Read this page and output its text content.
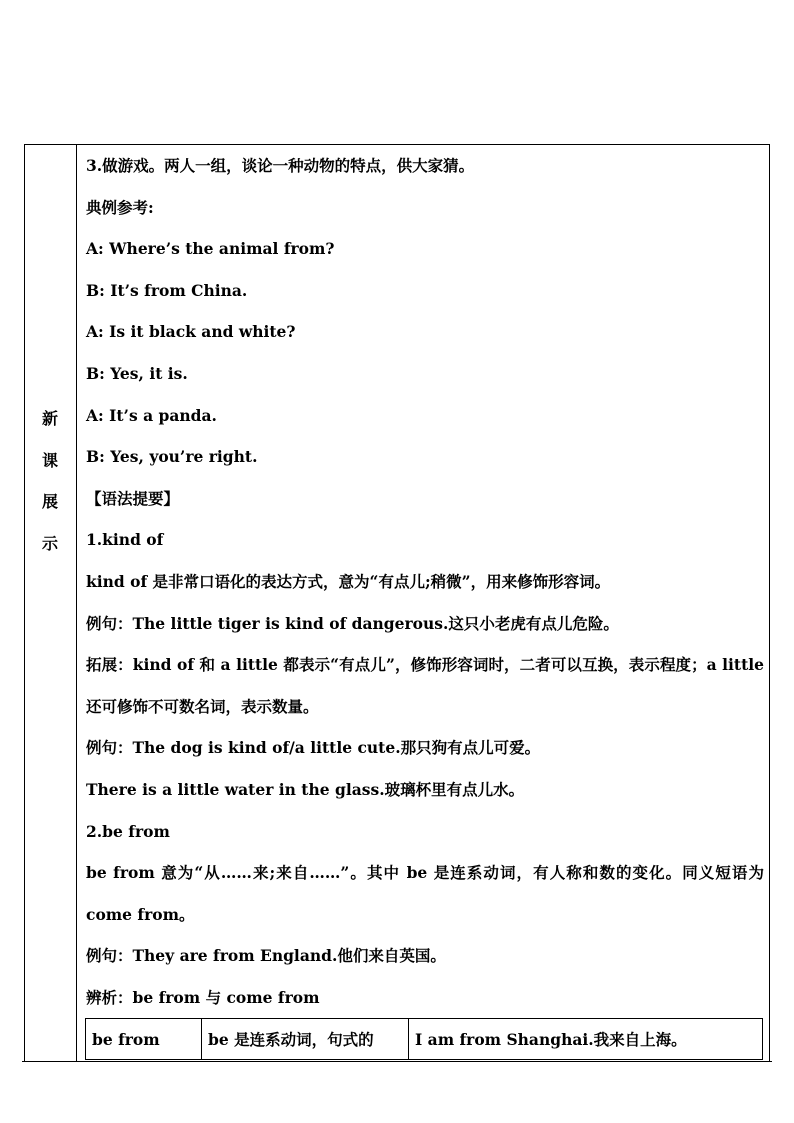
新
课
展
示
3.做游戏。两人一组，谈论一种动物的特点，供大家猜。
典例参考:
A: Where’s the animal from?
B: It’s from China.
A: Is it black and white?
B: Yes, it is.
A: It’s a panda.
B: Yes, you’re right.
【语法提要】
1.kind of
kind of 是非常口语化的表达方式，意为“有点儿;稍微”，用来修饰形容词。
例句：The little tiger is kind of dangerous.这只小老虎有点儿危险。
拓展：kind of 和 a little 都表示“有点儿”，修饰形容词时，二者可以互换，表示程度；a little 还可修饰不可数名词，表示数量。
例句：The dog is kind of/a little cute.那只狗有点儿可爱。
There is a little water in the glass.玻璃杯里有点儿水。
2.be from
be from 意为“从……来;来自……”。其中 be 是连系动词，有人称和数的变化。同义短语为 come from。
例句：They are from England.他们来自英国。
辨析：be from 与 come from
be from	be 是连系动词，句式的	I am from Shanghai.我来自上海。
